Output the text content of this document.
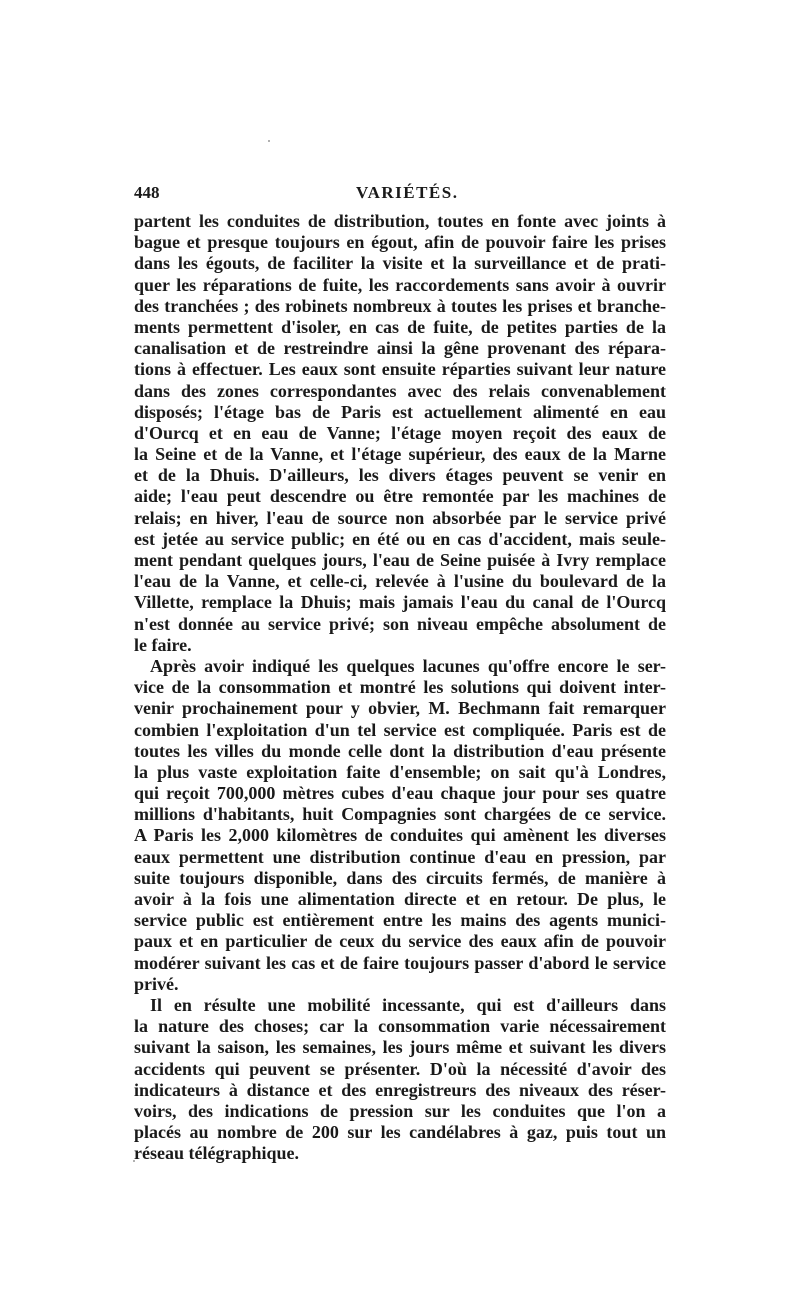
448	VARIÉTÉS.
partent les conduites de distribution, toutes en fonte avec joints à
bague et presque toujours en égout, afin de pouvoir faire les prises
dans les égouts, de faciliter la visite et la surveillance et de prati-
quer les réparations de fuite, les raccordements sans avoir à ouvrir
des tranchées ; des robinets nombreux à toutes les prises et branche-
ments permettent d'isoler, en cas de fuite, de petites parties de la
canalisation et de restreindre ainsi la gêne provenant des répara-
tions à effectuer. Les eaux sont ensuite réparties suivant leur nature
dans des zones correspondantes avec des relais convenablement
disposés; l'étage bas de Paris est actuellement alimenté en eau
d'Ourcq et en eau de Vanne; l'étage moyen reçoit des eaux de
la Seine et de la Vanne, et l'étage supérieur, des eaux de la Marne
et de la Dhuis. D'ailleurs, les divers étages peuvent se venir en
aide; l'eau peut descendre ou être remontée par les machines de
relais; en hiver, l'eau de source non absorbée par le service privé
est jetée au service public; en été ou en cas d'accident, mais seule-
ment pendant quelques jours, l'eau de Seine puisée à Ivry remplace
l'eau de la Vanne, et celle-ci, relevée à l'usine du boulevard de la
Villette, remplace la Dhuis; mais jamais l'eau du canal de l'Ourcq
n'est donnée au service privé; son niveau empêche absolument de
le faire.
Après avoir indiqué les quelques lacunes qu'offre encore le ser-
vice de la consommation et montré les solutions qui doivent inter-
venir prochainement pour y obvier, M. Bechmann fait remarquer
combien l'exploitation d'un tel service est compliquée. Paris est de
toutes les villes du monde celle dont la distribution d'eau présente
la plus vaste exploitation faite d'ensemble; on sait qu'à Londres,
qui reçoit 700,000 mètres cubes d'eau chaque jour pour ses quatre
millions d'habitants, huit Compagnies sont chargées de ce service.
A Paris les 2,000 kilomètres de conduites qui amènent les diverses
eaux permettent une distribution continue d'eau en pression, par
suite toujours disponible, dans des circuits fermés, de manière à
avoir à la fois une alimentation directe et en retour. De plus, le
service public est entièrement entre les mains des agents munici-
paux et en particulier de ceux du service des eaux afin de pouvoir
modérer suivant les cas et de faire toujours passer d'abord le service
privé.
Il en résulte une mobilité incessante, qui est d'ailleurs dans
la nature des choses; car la consommation varie nécessairement
suivant la saison, les semaines, les jours même et suivant les divers
accidents qui peuvent se présenter. D'où la nécessité d'avoir des
indicateurs à distance et des enregistreurs des niveaux des réser-
voirs, des indications de pression sur les conduites que l'on a
placés au nombre de 200 sur les candélabres à gaz, puis tout un
réseau télégraphique.
